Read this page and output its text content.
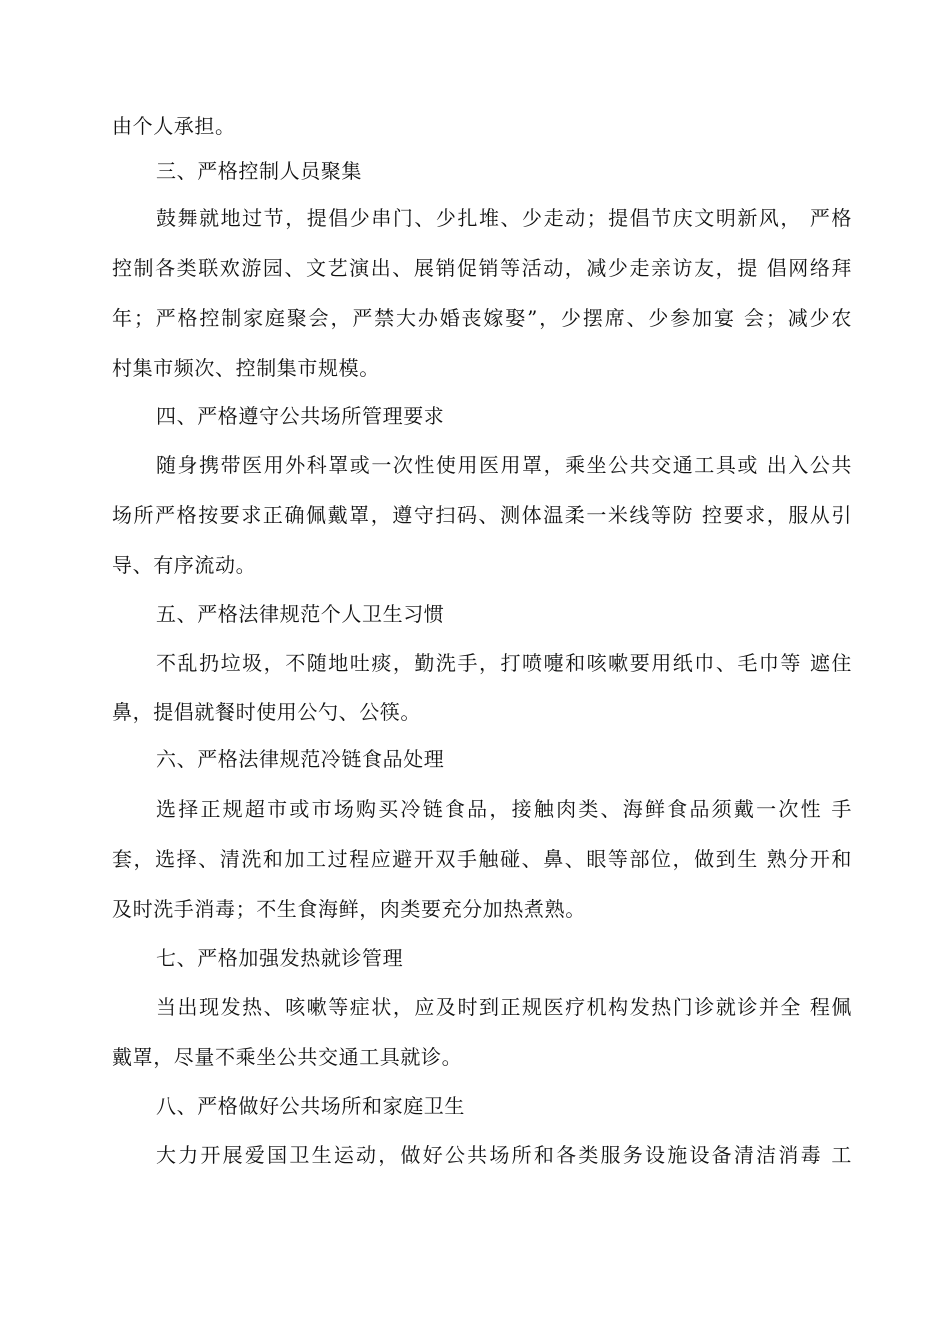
由个人承担。
三、严格控制人员聚集
鼓舞就地过节，提倡少串门、少扎堆、少走动；提倡节庆文明新风， 严格
控制各类联欢游园、文艺演出、展销促销等活动，减少走亲访友，提 倡网络拜
年；严格控制家庭聚会，严禁大办婚丧嫁娶”，少摆席、少参加宴 会；减少农
村集市频次、控制集市规模。
四、严格遵守公共场所管理要求
随身携带医用外科罩或一次性使用医用罩，乘坐公共交通工具或 出入公共
场所严格按要求正确佩戴罩，遵守扫码、测体温柔一米线等防 控要求，服从引
导、有序流动。
五、严格法律规范个人卫生习惯
不乱扔垃圾，不随地吐痰，勤洗手，打喷嚏和咳嗽要用纸巾、毛巾等 遮住
鼻，提倡就餐时使用公勺、公筷。
六、严格法律规范冷链食品处理
选择正规超市或市场购买冷链食品，接触肉类、海鲜食品须戴一次性 手
套，选择、清洗和加工过程应避开双手触碰、鼻、眼等部位，做到生 熟分开和
及时洗手消毒；不生食海鲜，肉类要充分加热煮熟。
七、严格加强发热就诊管理
当出现发热、咳嗽等症状，应及时到正规医疗机构发热门诊就诊并全 程佩
戴罩，尽量不乘坐公共交通工具就诊。
八、严格做好公共场所和家庭卫生
大力开展爱国卫生运动，做好公共场所和各类服务设施设备清洁消毒 工
